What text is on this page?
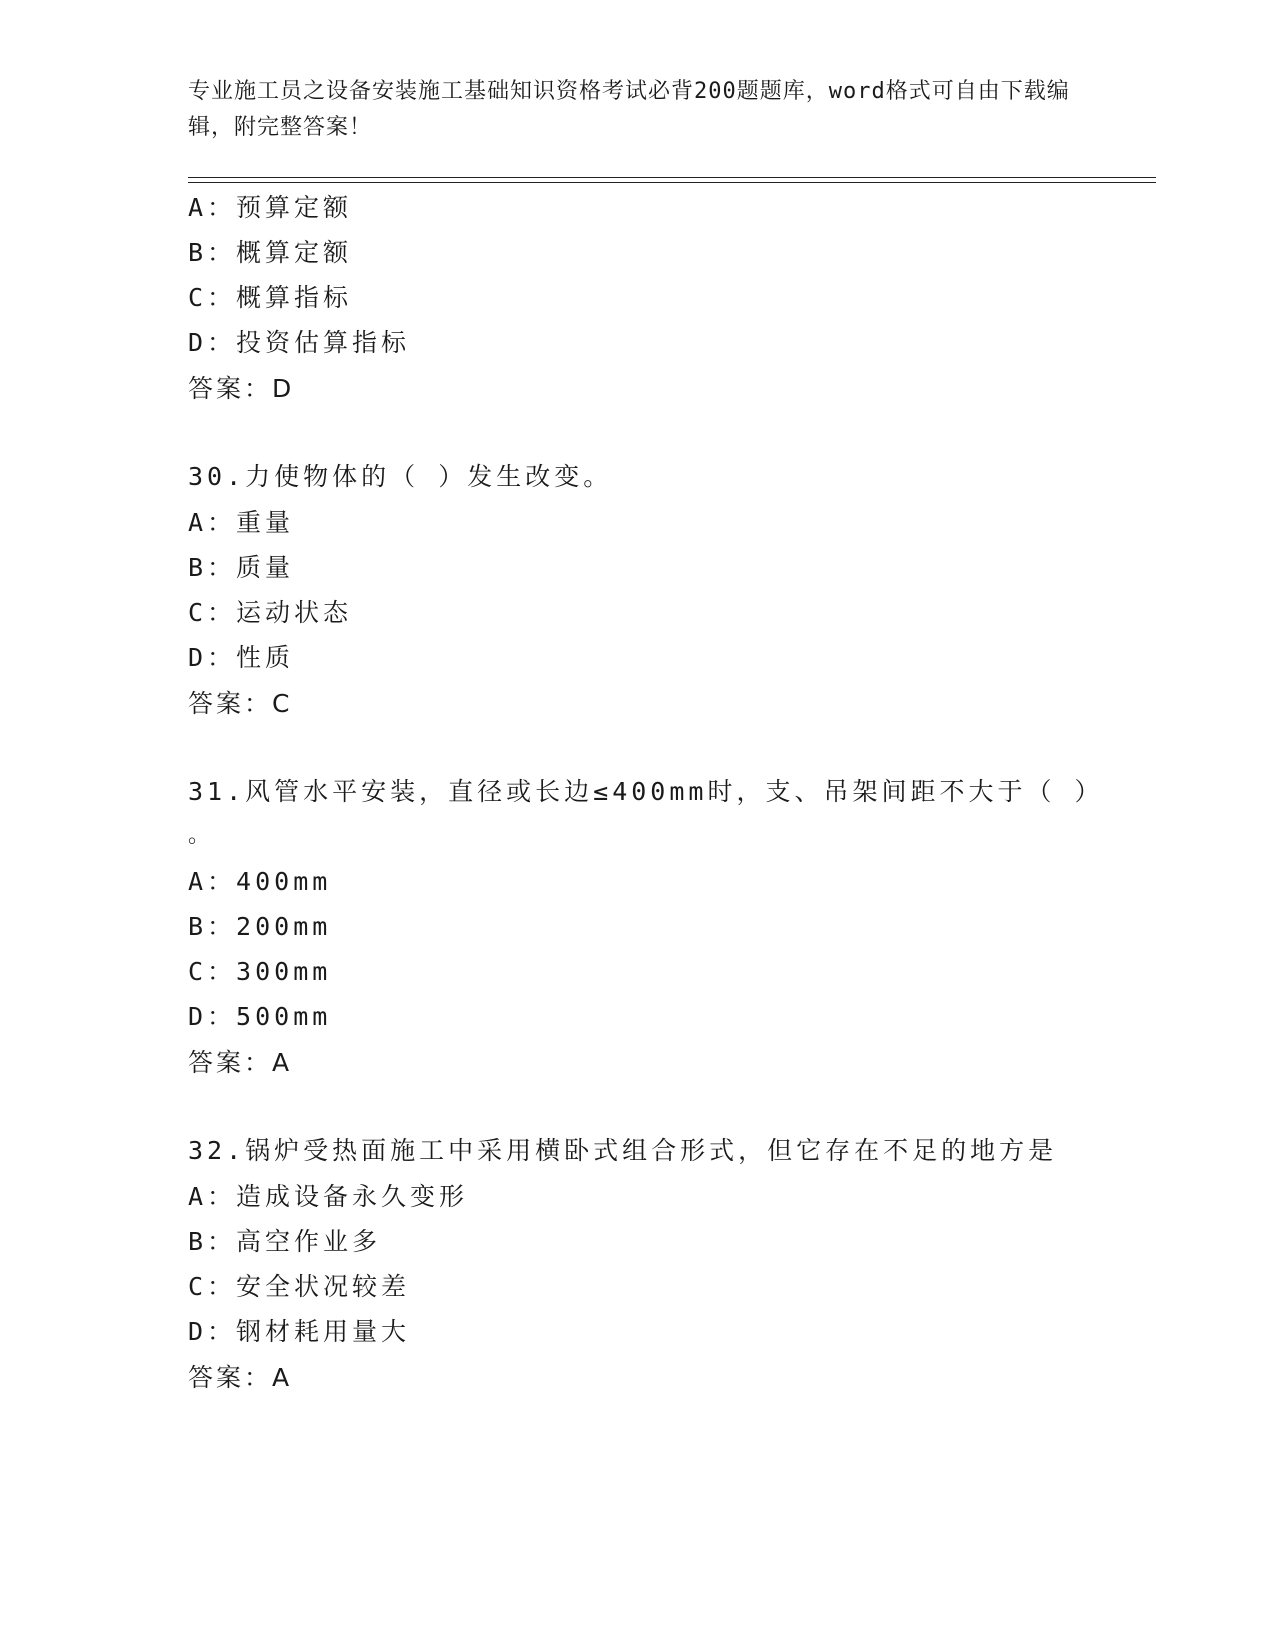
专业施工员之设备安装施工基础知识资格考试必背200题题库，word格式可自由下载编辑，附完整答案！
A：预算定额
B：概算定额
C：概算指标
D：投资估算指标
答案：D
30.力使物体的（ ）发生改变。
A：重量
B：质量
C：运动状态
D：性质
答案：C
31.风管水平安装，直径或长边≤400mm时，支、吊架间距不大于（ ）
。
A：400mm
B：200mm
C：300mm
D：500mm
答案：A
32.锅炉受热面施工中采用横卧式组合形式，但它存在不足的地方是
A：造成设备永久变形
B：高空作业多
C：安全状况较差
D：钢材耗用量大
答案：A
